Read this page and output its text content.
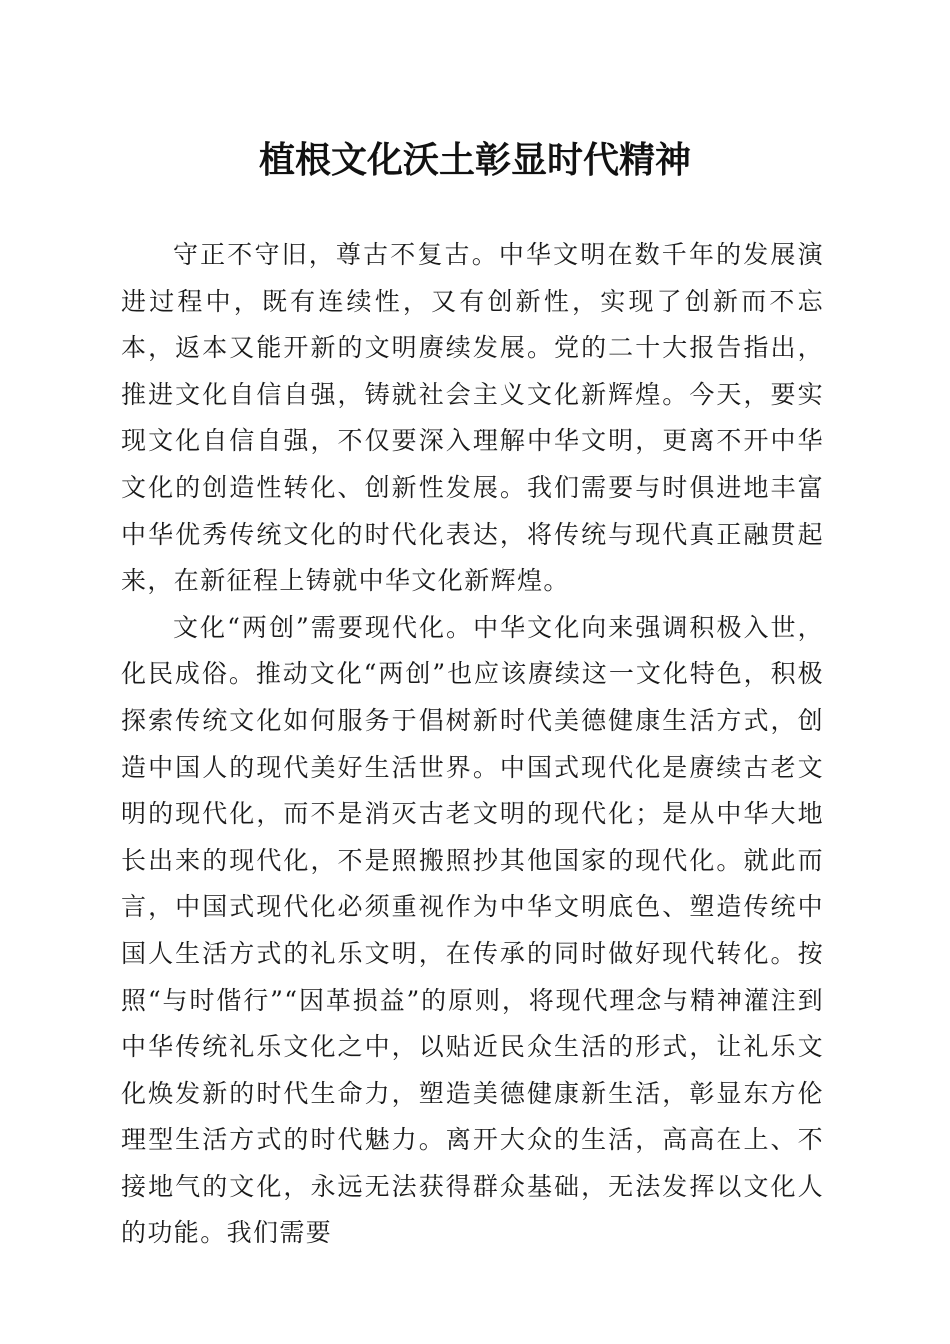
植根文化沃土彰显时代精神

守正不守旧，尊古不复古。中华文明在数千年的发展演进过程中，既有连续性，又有创新性，实现了创新而不忘本，返本又能开新的文明赓续发展。党的二十大报告指出，推进文化自信自强，铸就社会主义文化新辉煌。今天，要实现文化自信自强，不仅要深入理解中华文明，更离不开中华文化的创造性转化、创新性发展。我们需要与时俱进地丰富中华优秀传统文化的时代化表达，将传统与现代真正融贯起来，在新征程上铸就中华文化新辉煌。

文化“两创”需要现代化。中华文化向来强调积极入世，化民成俗。推动文化“两创”也应该赓续这一文化特色，积极探索传统文化如何服务于倡树新时代美德健康生活方式，创造中国人的现代美好生活世界。中国式现代化是赓续古老文明的现代化，而不是消灭古老文明的现代化；是从中华大地长出来的现代化，不是照搬照抄其他国家的现代化。就此而言，中国式现代化必须重视作为中华文明底色、塑造传统中国人生活方式的礼乐文明，在传承的同时做好现代转化。按照“与时偕行”“因革损益”的原则，将现代理念与精神灌注到中华传统礼乐文化之中，以贴近民众生活的形式，让礼乐文化焕发新的时代生命力，塑造美德健康新生活，彰显东方伦理型生活方式的时代魅力。离开大众的生活，高高在上、不接地气的文化，永远无法获得群众基础，无法发挥以文化人的功能。我们需要
